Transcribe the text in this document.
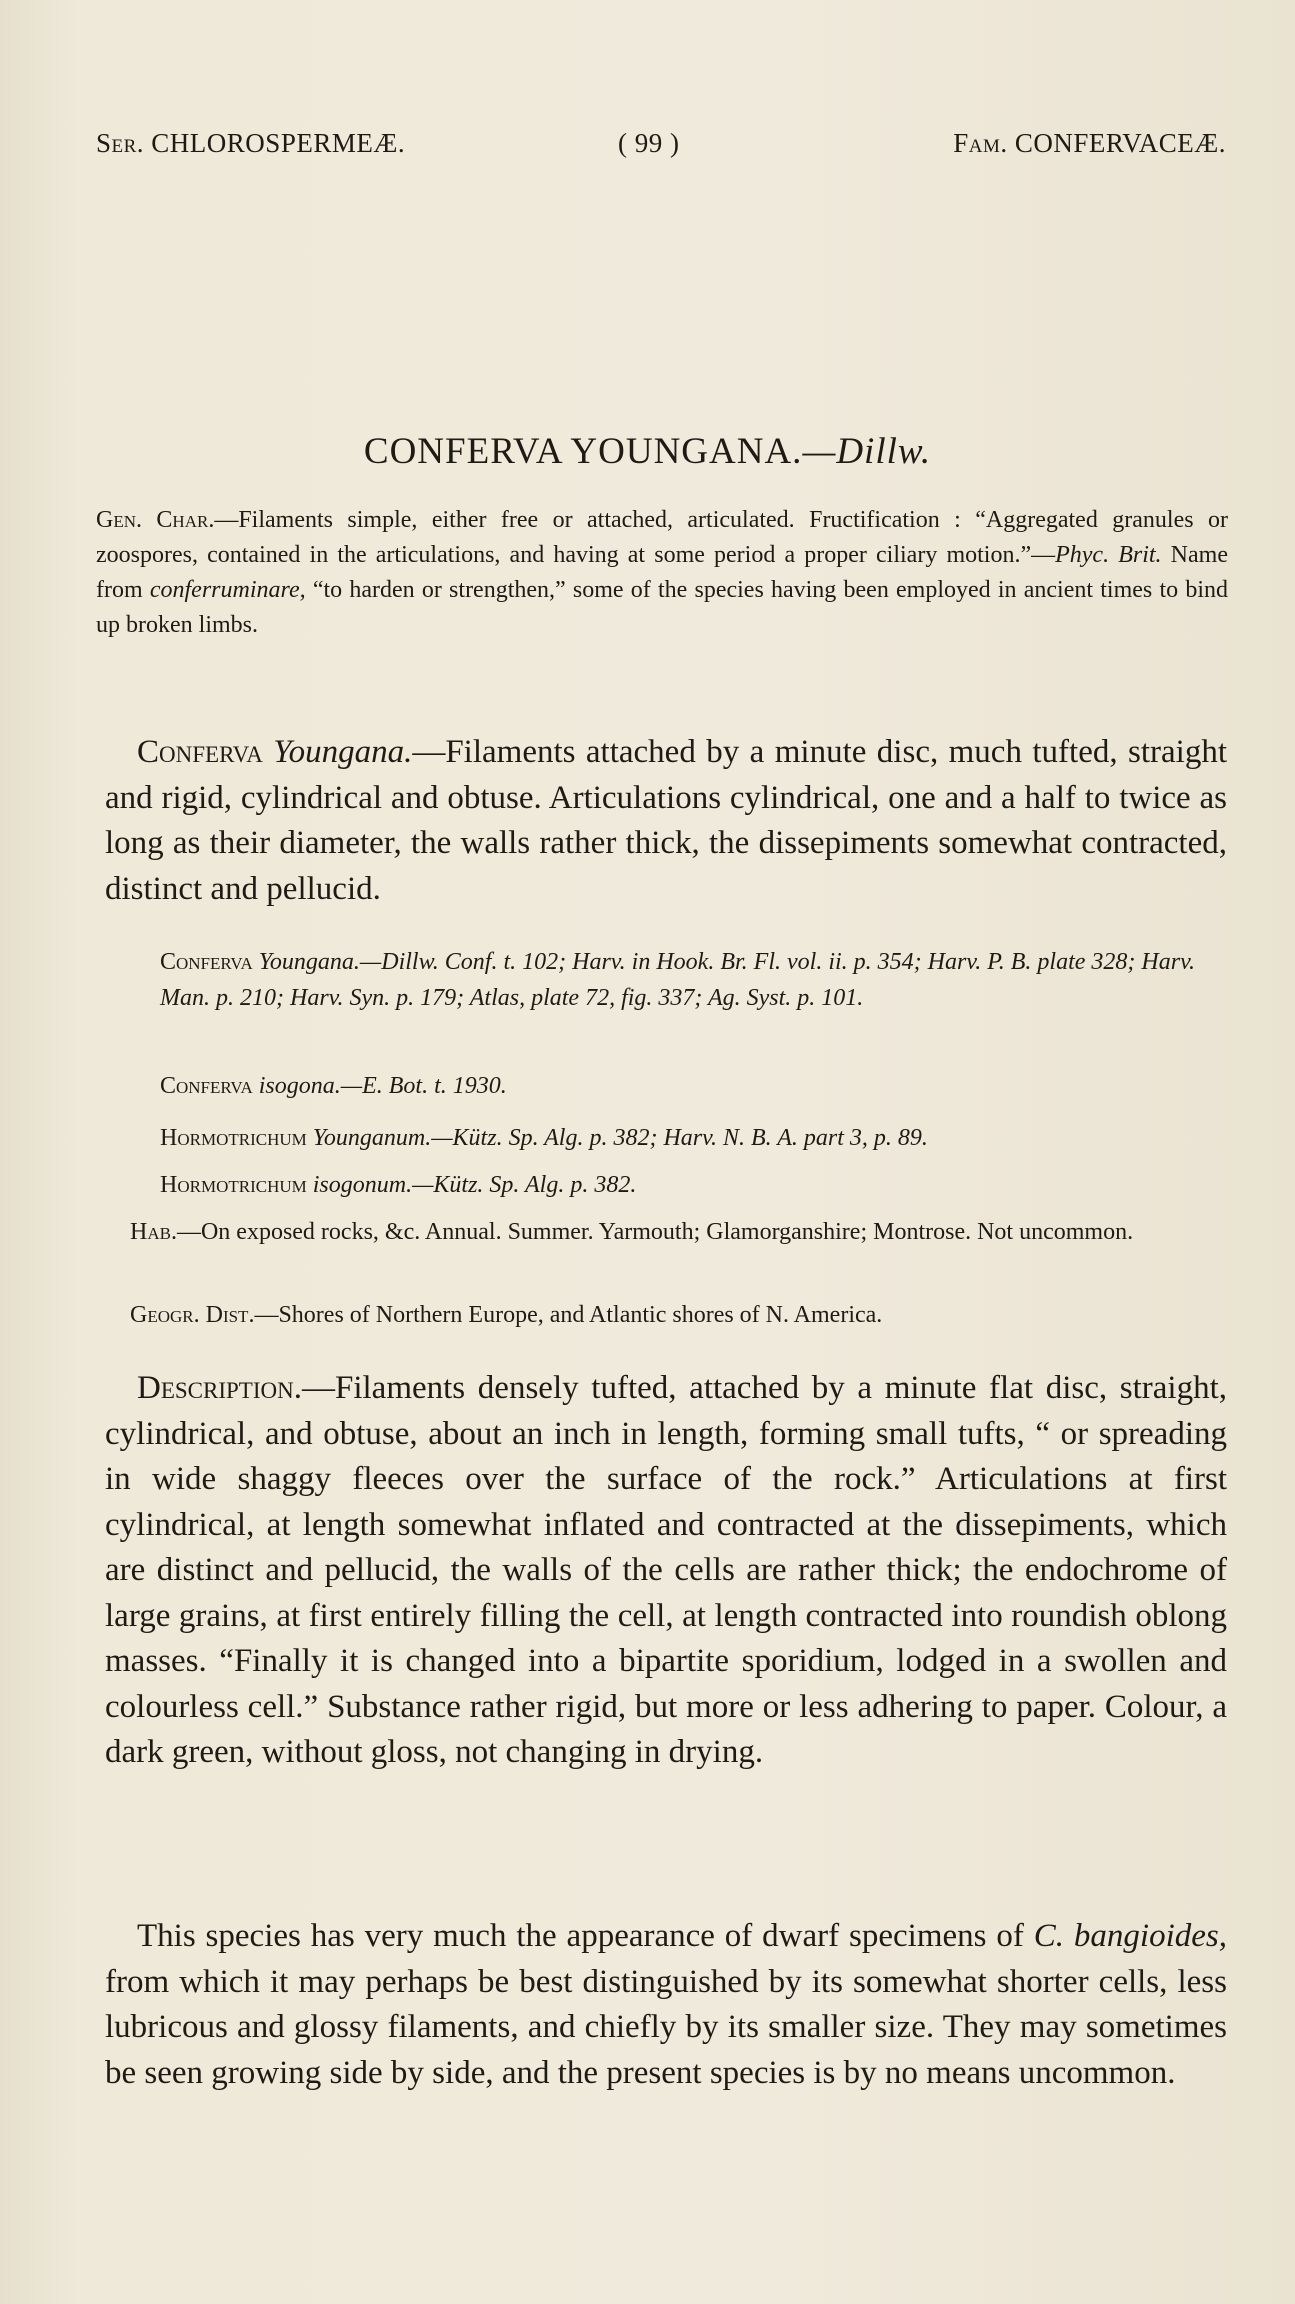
Ser. CHLOROSPERMEÆ.	( 99 )	Fam. CONFERVACEÆ.
CONFERVA YOUNGANA.—Dillw.
Gen. Char.—Filaments simple, either free or attached, articulated. Fructification : “Aggregated granules or zoospores, contained in the articulations, and having at some period a proper ciliary motion.”—Phyc. Brit. Name from conferruminare, “to harden or strengthen,” some of the species having been employed in ancient times to bind up broken limbs.
Conferva Youngana.—Filaments attached by a minute disc, much tufted, straight and rigid, cylindrical and obtuse. Articulations cylindrical, one and a half to twice as long as their diameter, the walls rather thick, the dissepiments somewhat contracted, distinct and pellucid.
Conferva Youngana.—Dillw. Conf. t. 102; Harv. in Hook. Br. Fl. vol. ii. p. 354; Harv. P. B. plate 328; Harv. Man. p. 210; Harv. Syn. p. 179; Atlas, plate 72, fig. 337; Ag. Syst. p. 101.
Conferva isogona.—E. Bot. t. 1930.
Hormotrichum Younganum.—Kütz. Sp. Alg. p. 382; Harv. N. B. A. part 3, p. 89.
Hormotrichum isogonum.—Kütz. Sp. Alg. p. 382.
Hab.—On exposed rocks, &c. Annual. Summer. Yarmouth; Glamorganshire; Montrose. Not uncommon.
Geogr. Dist.—Shores of Northern Europe, and Atlantic shores of N. America.
Description.—Filaments densely tufted, attached by a minute flat disc, straight, cylindrical, and obtuse, about an inch in length, forming small tufts, “ or spreading in wide shaggy fleeces over the surface of the rock.” Articulations at first cylindrical, at length somewhat inflated and contracted at the dissepiments, which are distinct and pellucid, the walls of the cells are rather thick; the endochrome of large grains, at first entirely filling the cell, at length contracted into roundish oblong masses. “Finally it is changed into a bipartite sporidium, lodged in a swollen and colourless cell.” Substance rather rigid, but more or less adhering to paper. Colour, a dark green, without gloss, not changing in drying.
This species has very much the appearance of dwarf specimens of C. bangioides, from which it may perhaps be best distinguished by its somewhat shorter cells, less lubricous and glossy filaments, and chiefly by its smaller size. They may sometimes be seen growing side by side, and the present species is by no means uncommon.
